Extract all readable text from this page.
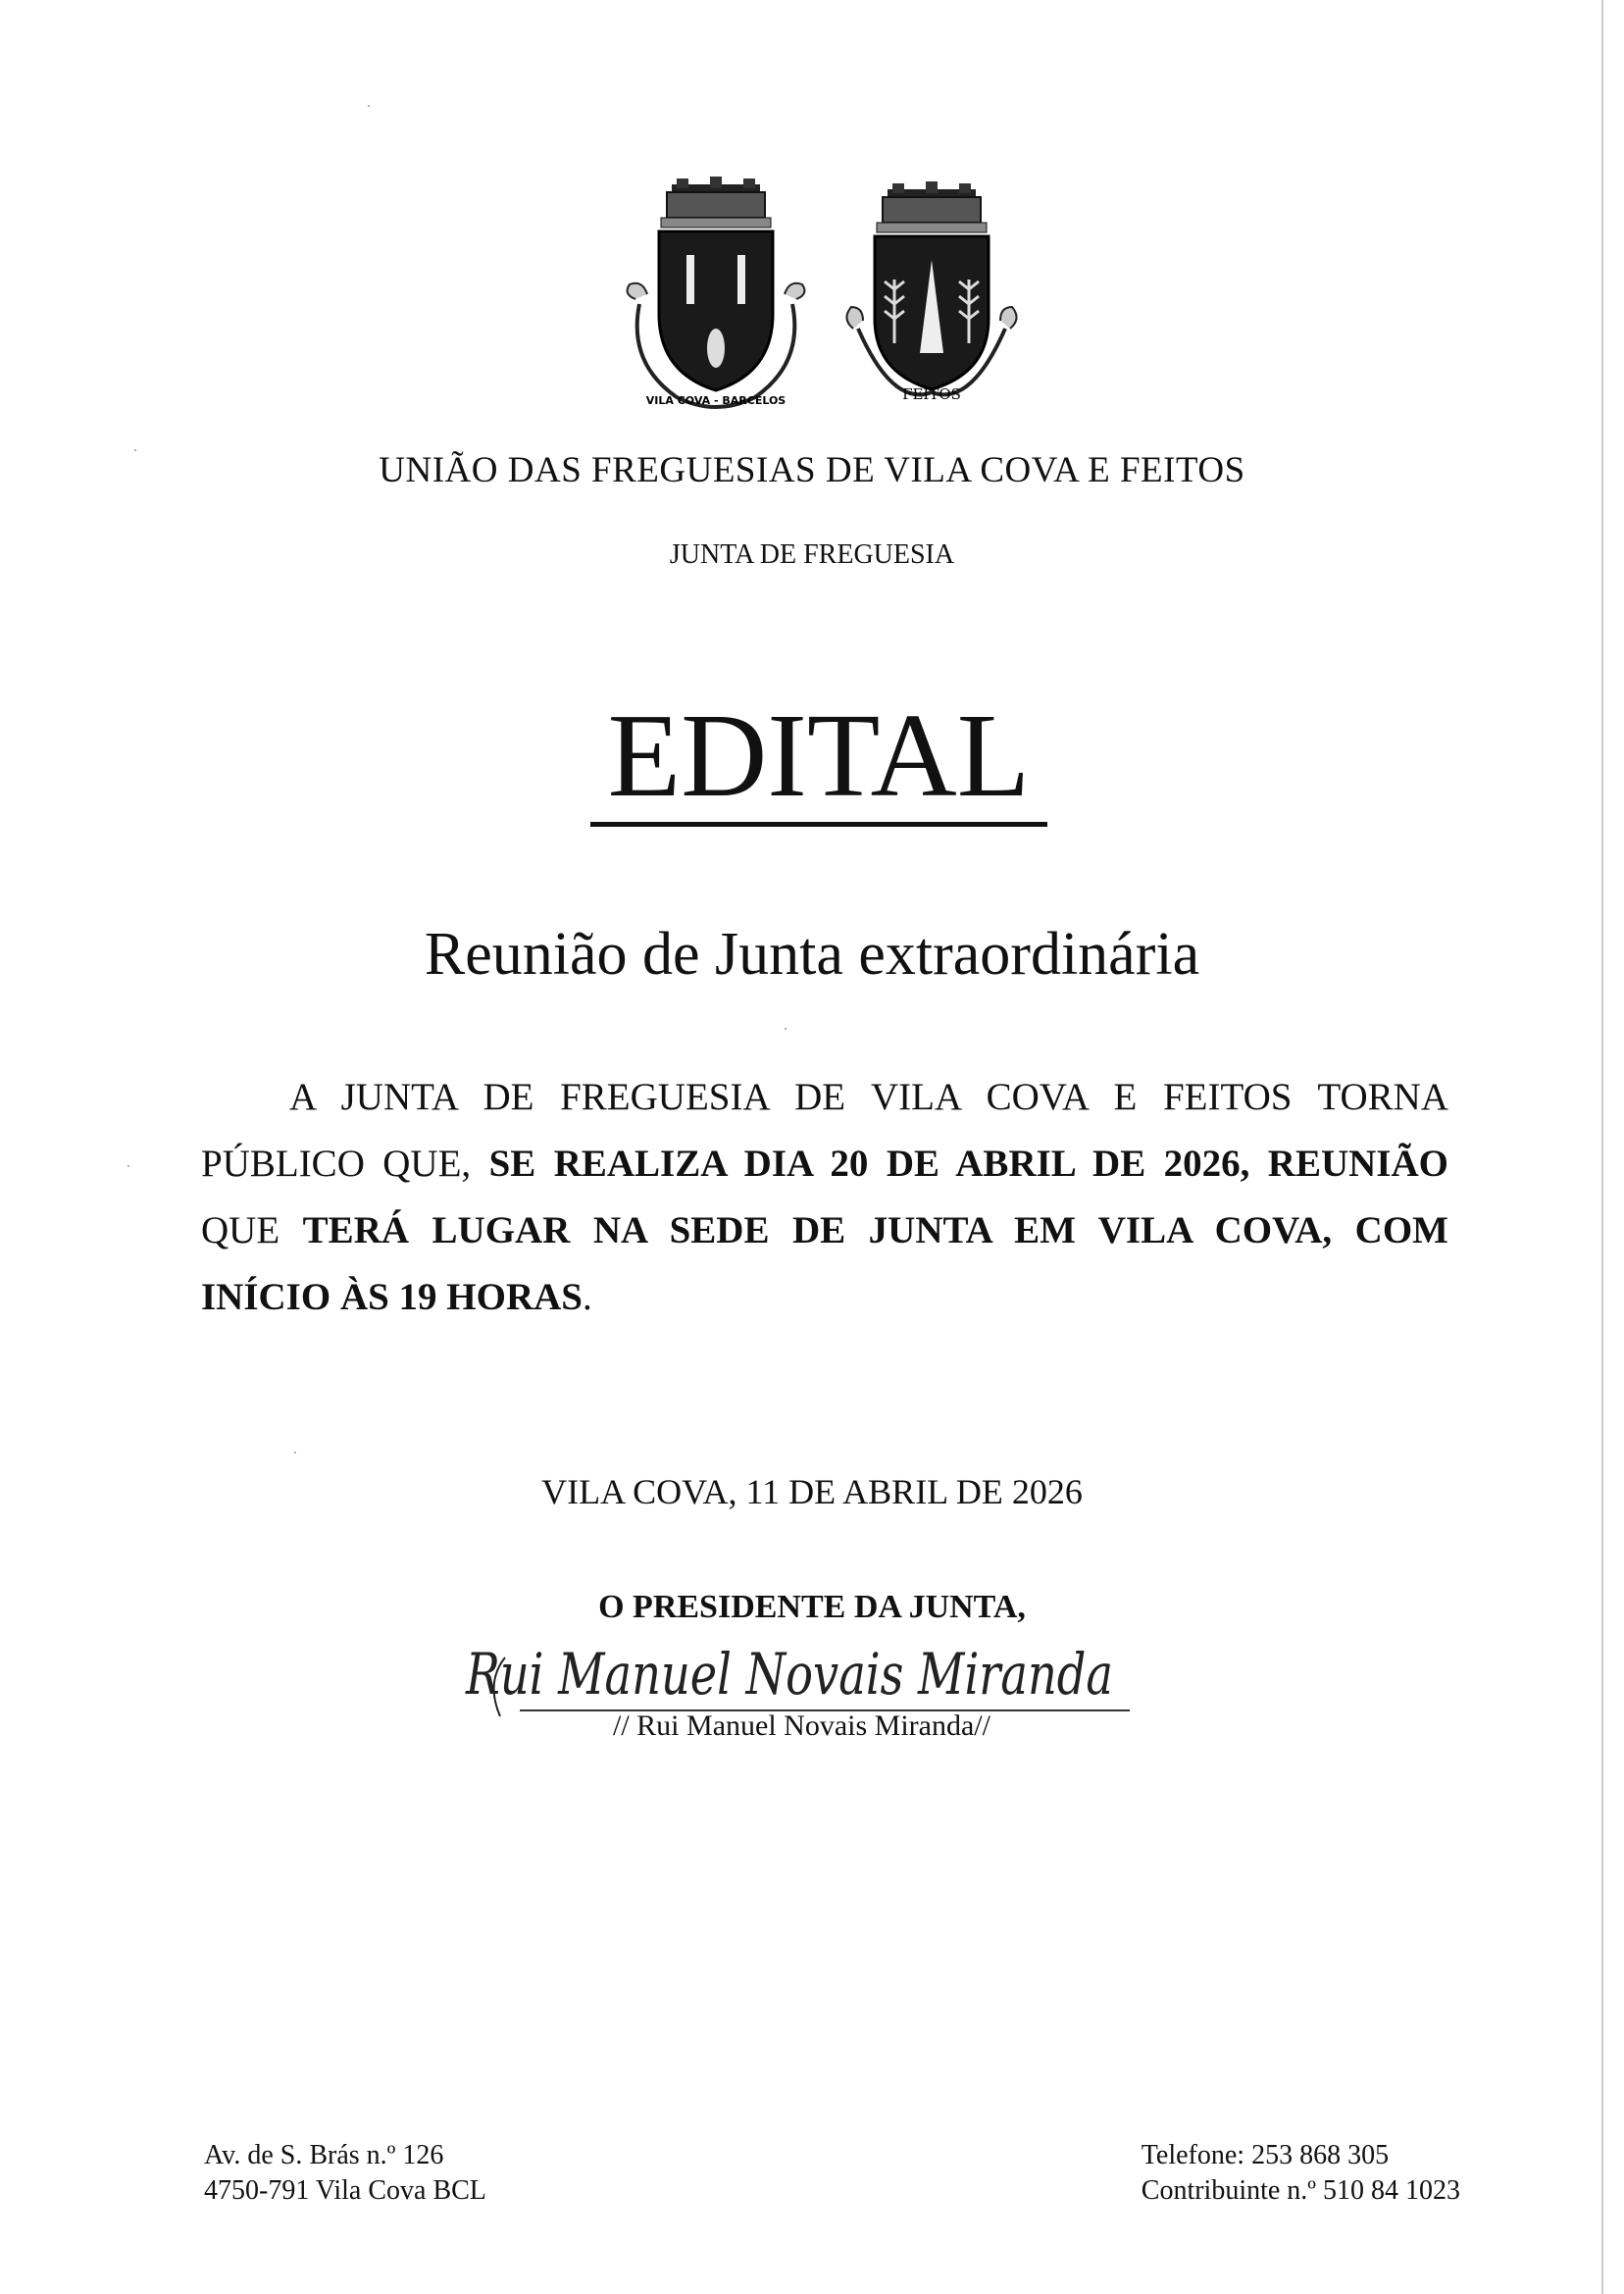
VILA COVA - BARCELOS	FEITOS
UNIÃO DAS FREGUESIAS DE VILA COVA E FEITOS
JUNTA DE FREGUESIA
EDITAL
Reunião de Junta extraordinária
A JUNTA DE FREGUESIA DE VILA COVA E FEITOS TORNA PÚBLICO QUE, SE REALIZA DIA 20 DE ABRIL DE 2026, REUNIÃO QUE TERÁ LUGAR NA SEDE DE JUNTA EM VILA COVA, COM INÍCIO ÀS 19 HORAS.
VILA COVA, 11 DE ABRIL DE 2026
O PRESIDENTE DA JUNTA,
Rui Manuel Novais Miranda
// Rui Manuel Novais Miranda//
Av. de S. Brás n.º 126
4750-791 Vila Cova BCL
Telefone: 253 868 305
Contribuinte n.º 510 84 1023
